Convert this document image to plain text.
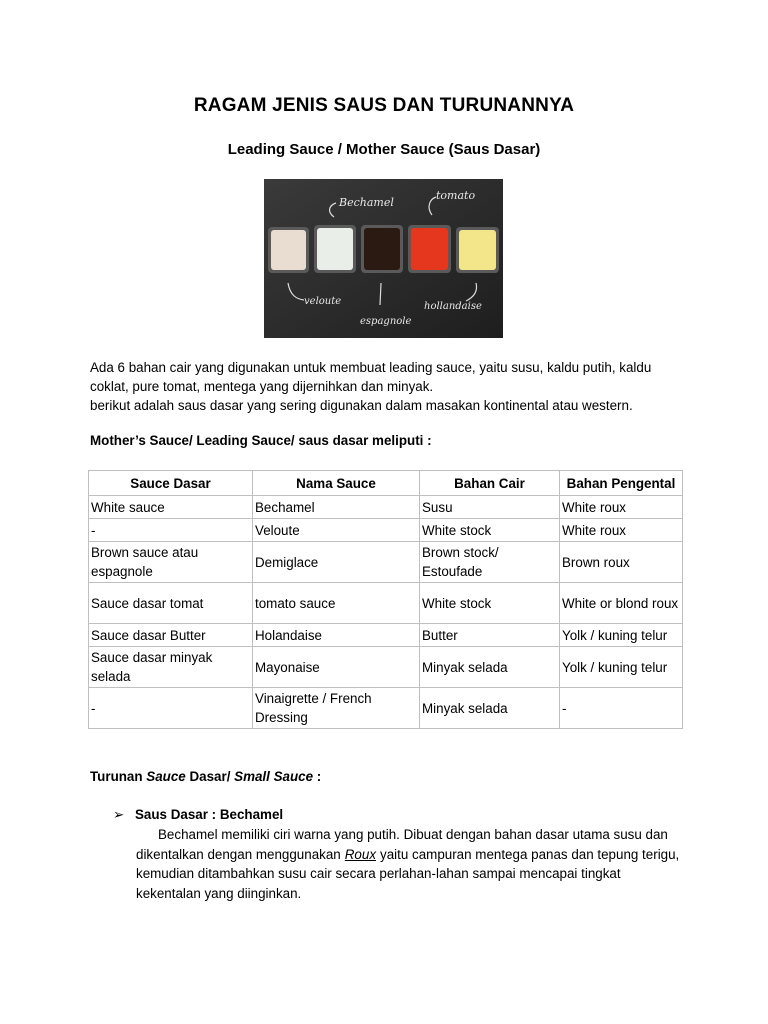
RAGAM JENIS SAUS DAN TURUNANNYA
Leading Sauce / Mother Sauce (Saus Dasar)
Bechamel
tomato
veloute
espagnole
hollandaise
Ada 6 bahan cair yang digunakan untuk membuat leading sauce, yaitu susu, kaldu putih, kaldu
coklat, pure tomat, mentega yang dijernihkan dan minyak.
berikut adalah saus dasar yang sering digunakan dalam masakan kontinental atau western.
Mother’s Sauce/ Leading Sauce/ saus dasar meliputi :
Sauce Dasar	Nama Sauce	Bahan Cair	Bahan Pengental
White sauce	Bechamel	Susu	White roux
-	Veloute	White stock	White roux
Brown sauce atau espagnole	Demiglace	Brown stock/ Estoufade	Brown roux
Sauce dasar tomat	tomato sauce	White stock	White or blond roux
Sauce dasar Butter	Holandaise	Butter	Yolk / kuning telur
Sauce dasar minyak selada	Mayonaise	Minyak selada	Yolk / kuning telur
-	Vinaigrette / French Dressing	Minyak selada	-
Turunan Sauce Dasar/ Small Sauce :
➢ Saus Dasar : Bechamel
Bechamel memiliki ciri warna yang putih. Dibuat dengan bahan dasar utama susu dan dikentalkan dengan menggunakan Roux yaitu campuran mentega panas dan tepung terigu, kemudian ditambahkan susu cair secara perlahan-lahan sampai mencapai tingkat kekentalan yang diinginkan.
